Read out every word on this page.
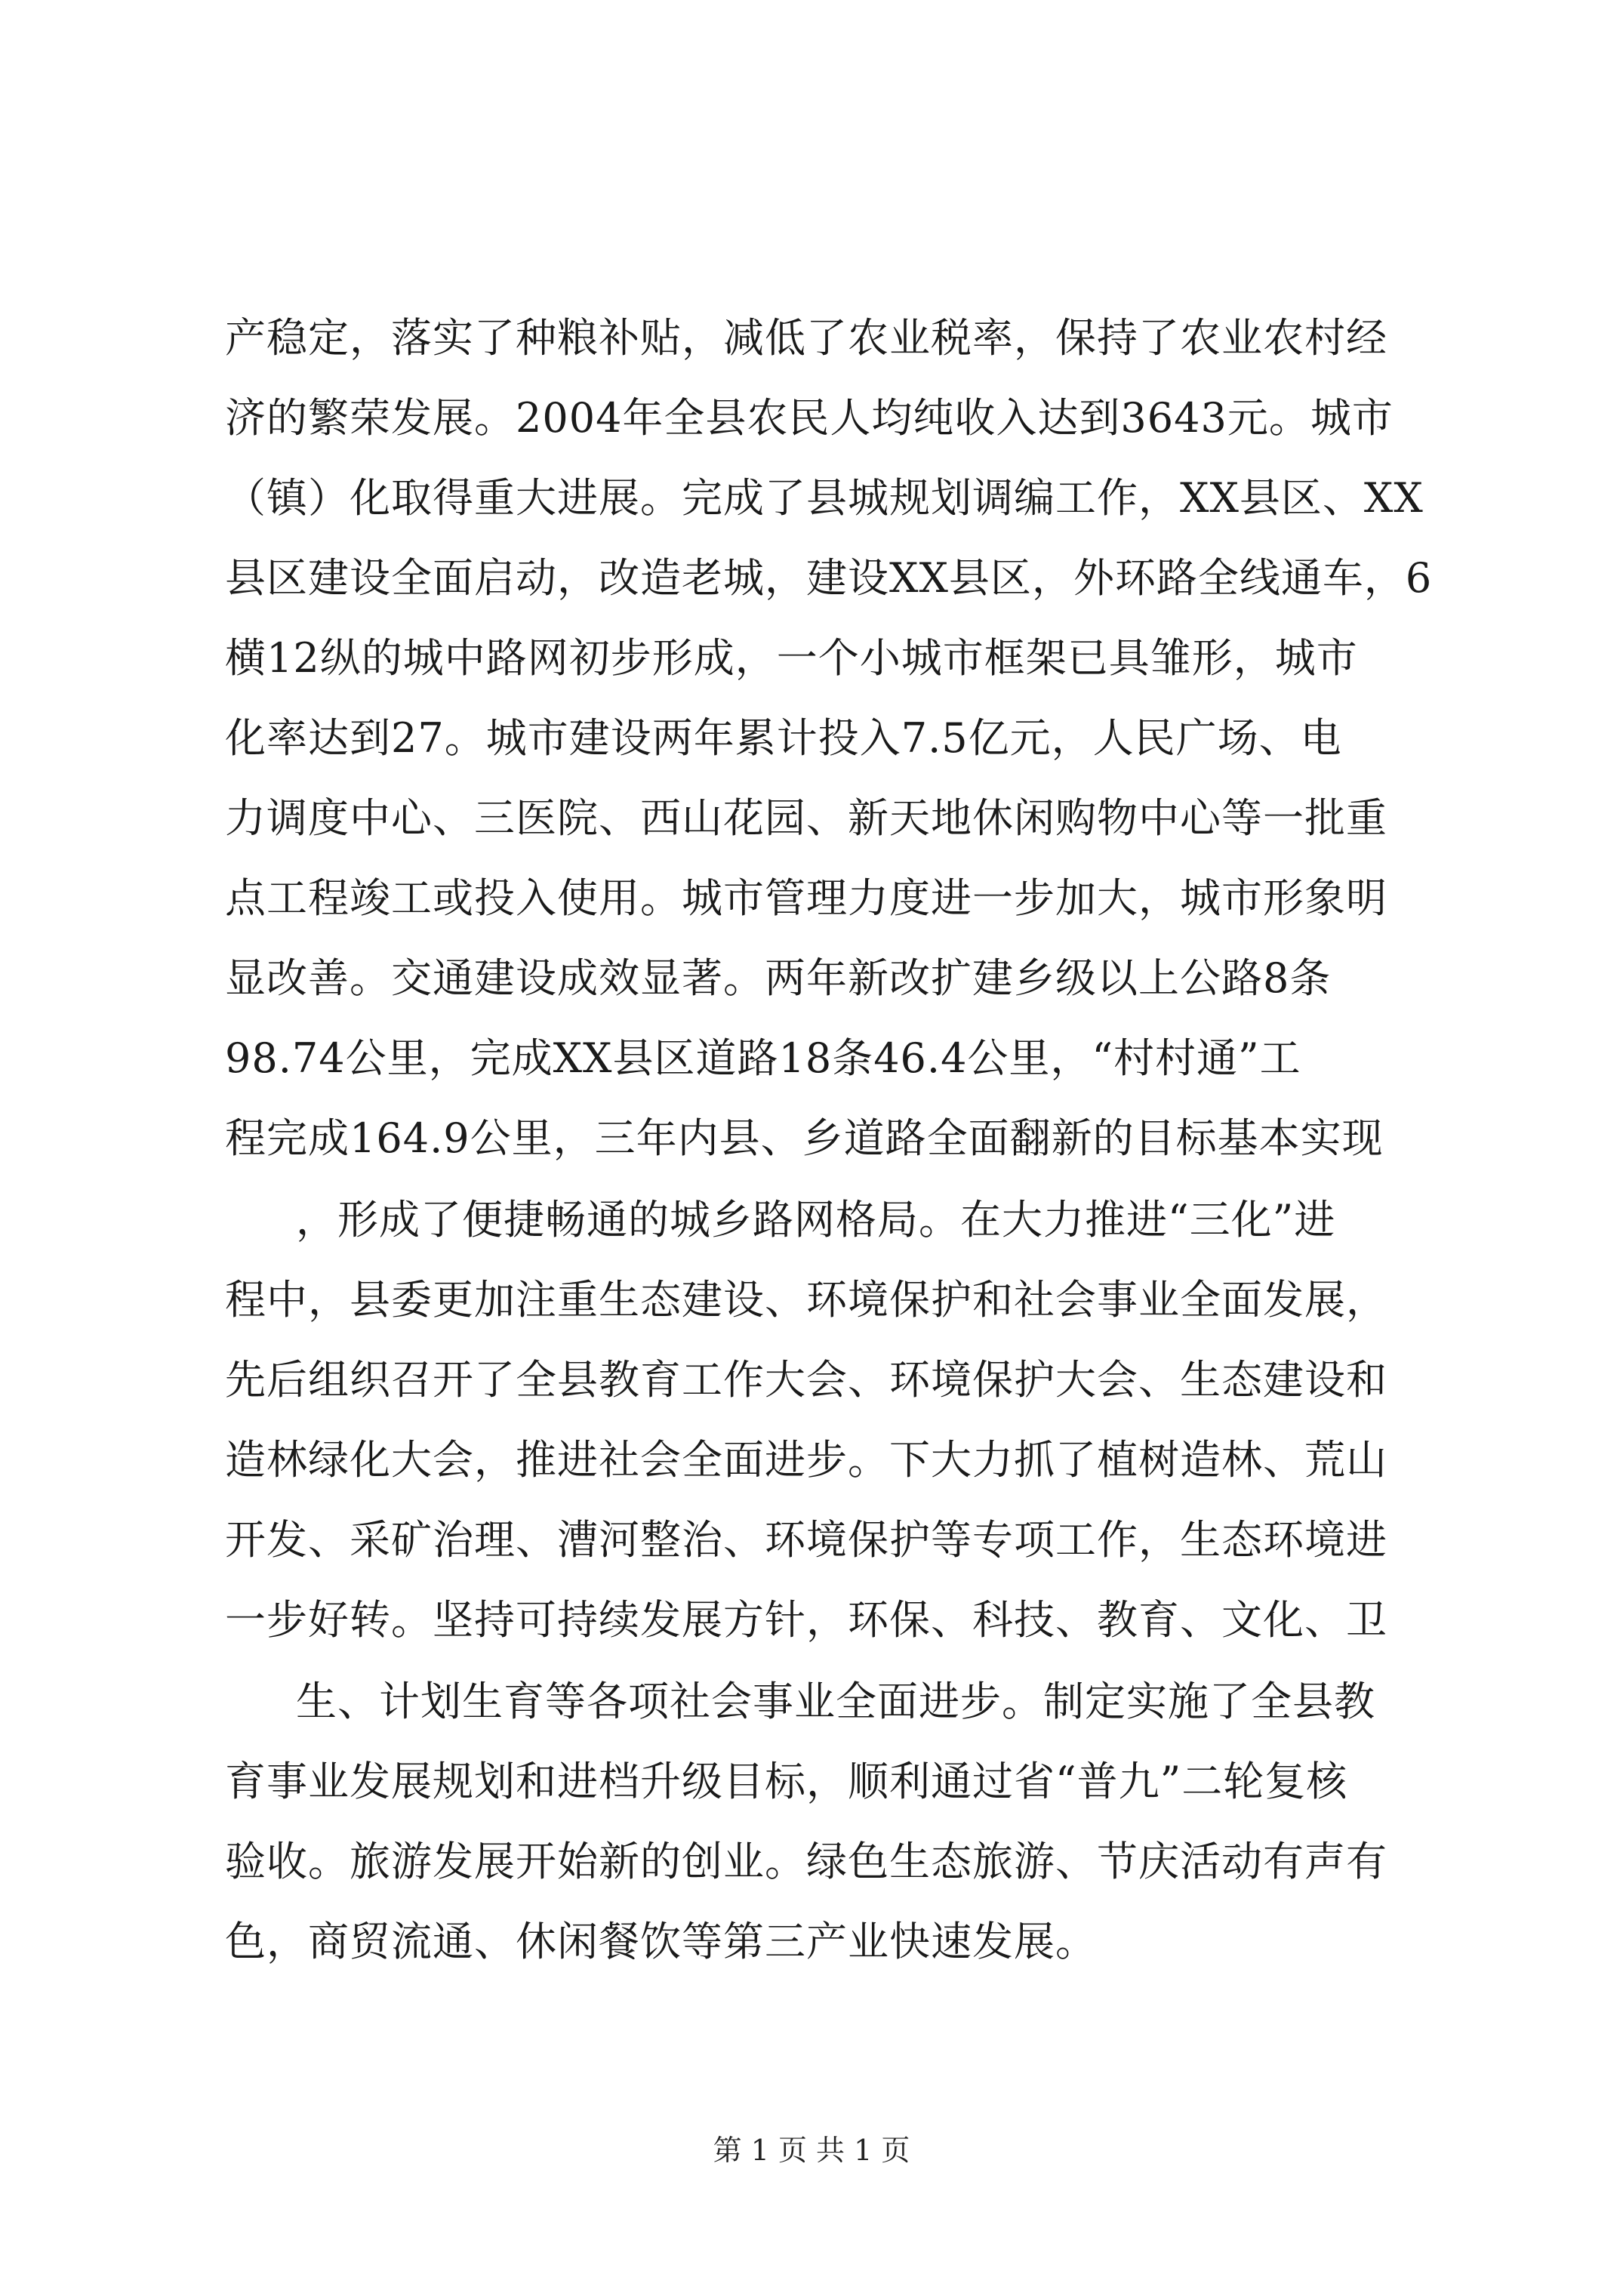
产稳定，落实了种粮补贴，减低了农业税率，保持了农业农村经
济的繁荣发展。2004年全县农民人均纯收入达到3643元。城市
（镇）化取得重大进展。完成了县城规划调编工作，XX县区、XX
县区建设全面启动，改造老城，建设XX县区，外环路全线通车，6
横12纵的城中路网初步形成，一个小城市框架已具雏形，城市
化率达到27。城市建设两年累计投入7.5亿元，人民广场、电
力调度中心、三医院、西山花园、新天地休闲购物中心等一批重
点工程竣工或投入使用。城市管理力度进一步加大，城市形象明
显改善。交通建设成效显著。两年新改扩建乡级以上公路8条
98.74公里，完成XX县区道路18条46.4公里，“村村通”工
程完成164.9公里，三年内县、乡道路全面翻新的目标基本实现
，形成了便捷畅通的城乡路网格局。在大力推进“三化”进
程中，县委更加注重生态建设、环境保护和社会事业全面发展，
先后组织召开了全县教育工作大会、环境保护大会、生态建设和
造林绿化大会，推进社会全面进步。下大力抓了植树造林、荒山
开发、采矿治理、漕河整治、环境保护等专项工作，生态环境进
一步好转。坚持可持续发展方针，环保、科技、教育、文化、卫
生、计划生育等各项社会事业全面进步。制定实施了全县教
育事业发展规划和进档升级目标，顺利通过省“普九”二轮复核
验收。旅游发展开始新的创业。绿色生态旅游、节庆活动有声有
色，商贸流通、休闲餐饮等第三产业快速发展。
第 1 页 共 1 页
